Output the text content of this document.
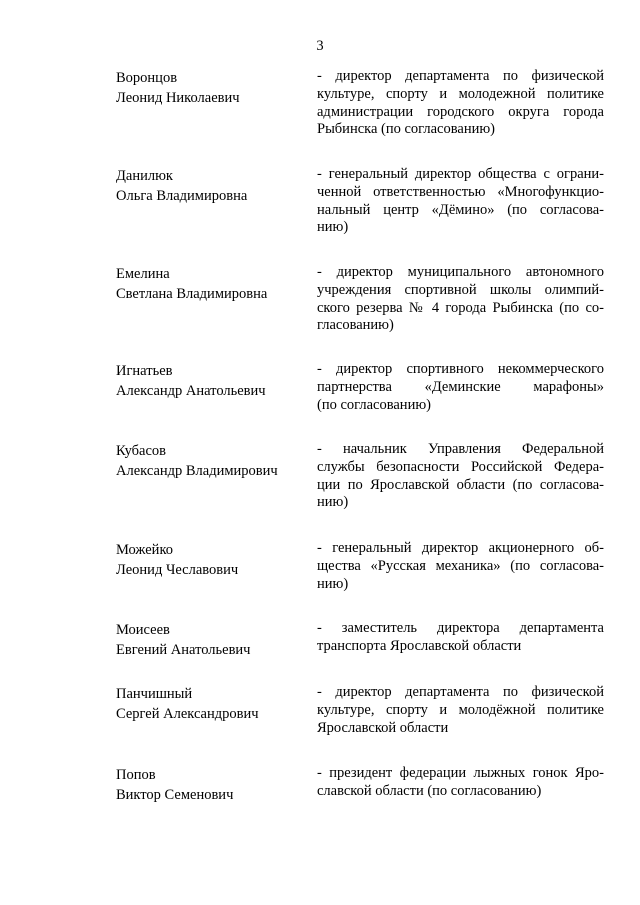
3
Воронцов
Леонид Николаевич
- директор департамента по физической
культуре, спорту и молодежной политике
администрации городского округа города
Рыбинска (по согласованию)
Данилюк
Ольга Владимировна
- генеральный директор общества с ограни-
ченной ответственностью «Многофункцио-
нальный центр «Дёмино» (по согласова-
нию)
Емелина
Светлана Владимировна
- директор муниципального автономного
учреждения спортивной школы олимпий-
ского резерва № 4 города Рыбинска (по со-
гласованию)
Игнатьев
Александр Анатольевич
- директор спортивного некоммерческого
партнерства «Деминские марафоны»
(по согласованию)
Кубасов
Александр Владимирович
- начальник Управления Федеральной
службы безопасности Российской Федера-
ции по Ярославской области (по согласова-
нию)
Можейко
Леонид Чеславович
- генеральный директор акционерного об-
щества «Русская механика» (по согласова-
нию)
Моисеев
Евгений Анатольевич
- заместитель директора департамента
транспорта Ярославской области
Панчишный
Сергей Александрович
- директор департамента по физической
культуре, спорту и молодёжной политике
Ярославской области
Попов
Виктор Семенович
- президент федерации лыжных гонок Яро-
славской области (по согласованию)
